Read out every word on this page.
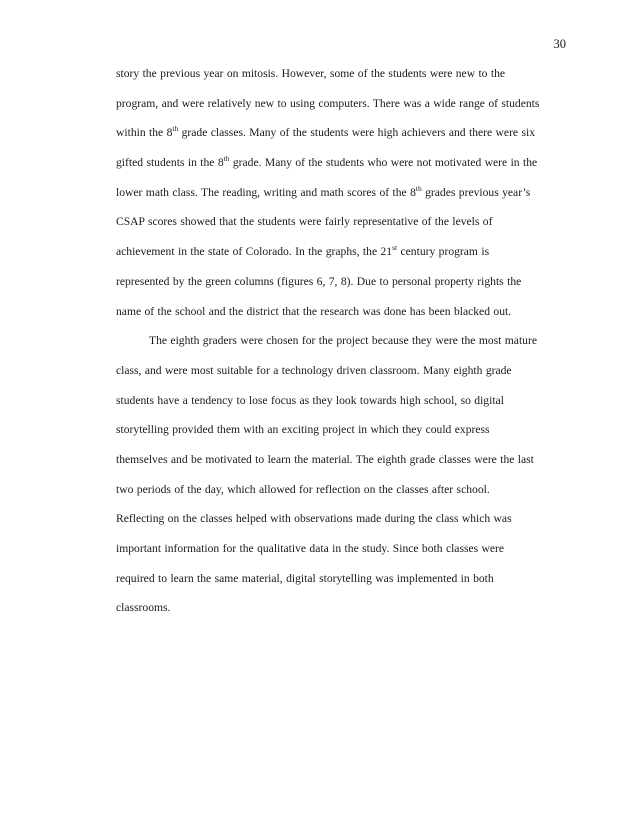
30
story the previous year on mitosis. However, some of the students were new to the
program, and were relatively new to using computers. There was a wide range of students
within the 8th grade classes. Many of the students were high achievers and there were six
gifted students in the 8th grade. Many of the students who were not motivated were in the
lower math class. The reading, writing and math scores of the 8th grades previous year’s
CSAP scores showed that the students were fairly representative of the levels of
achievement in the state of Colorado. In the graphs, the 21st century program is
represented by the green columns (figures 6, 7, 8). Due to personal property rights the
name of the school and the district that the research was done has been blacked out.
The eighth graders were chosen for the project because they were the most mature
class, and were most suitable for a technology driven classroom. Many eighth grade
students have a tendency to lose focus as they look towards high school, so digital
storytelling provided them with an exciting project in which they could express
themselves and be motivated to learn the material. The eighth grade classes were the last
two periods of the day, which allowed for reflection on the classes after school.
Reflecting on the classes helped with observations made during the class which was
important information for the qualitative data in the study. Since both classes were
required to learn the same material, digital storytelling was implemented in both
classrooms.
